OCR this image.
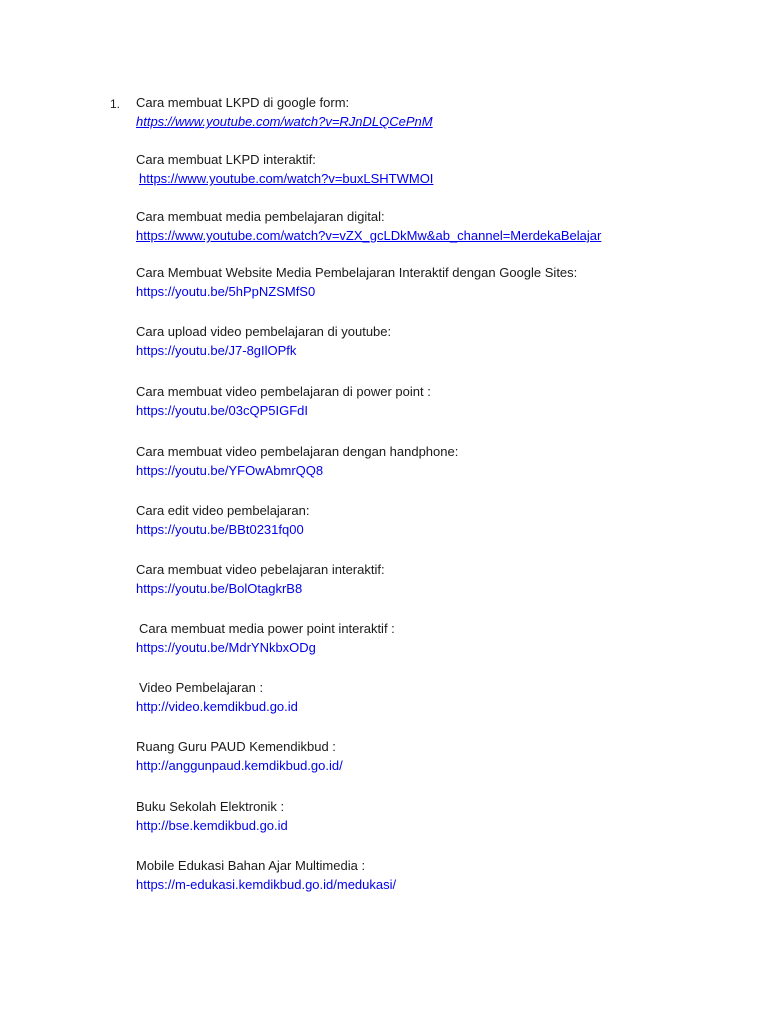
1. Cara membuat LKPD di google form:
https://www.youtube.com/watch?v=RJnDLQCePnM
Cara membuat LKPD interaktif:
https://www.youtube.com/watch?v=buxLSHTWMOI
Cara membuat media pembelajaran digital:
https://www.youtube.com/watch?v=vZX_gcLDkMw&ab_channel=MerdekaBelajar
Cara Membuat Website Media Pembelajaran Interaktif dengan Google Sites:
https://youtu.be/5hPpNZSMfS0
Cara upload video pembelajaran di youtube:
https://youtu.be/J7-8gIlOPfk
Cara membuat video pembelajaran di power point :
https://youtu.be/03cQP5IGFdI
Cara membuat video pembelajaran dengan handphone:
https://youtu.be/YFOwAbmrQQ8
Cara edit video pembelajaran:
https://youtu.be/BBt0231fq00
Cara membuat video pebelajaran interaktif:
https://youtu.be/BolOtagkrB8
Cara membuat media power point interaktif :
https://youtu.be/MdrYNkbxODg
Video Pembelajaran :
http://video.kemdikbud.go.id
Ruang Guru PAUD Kemendikbud :
http://anggunpaud.kemdikbud.go.id/
Buku Sekolah Elektronik :
http://bse.kemdikbud.go.id
Mobile Edukasi Bahan Ajar Multimedia :
https://m-edukasi.kemdikbud.go.id/medukasi/
